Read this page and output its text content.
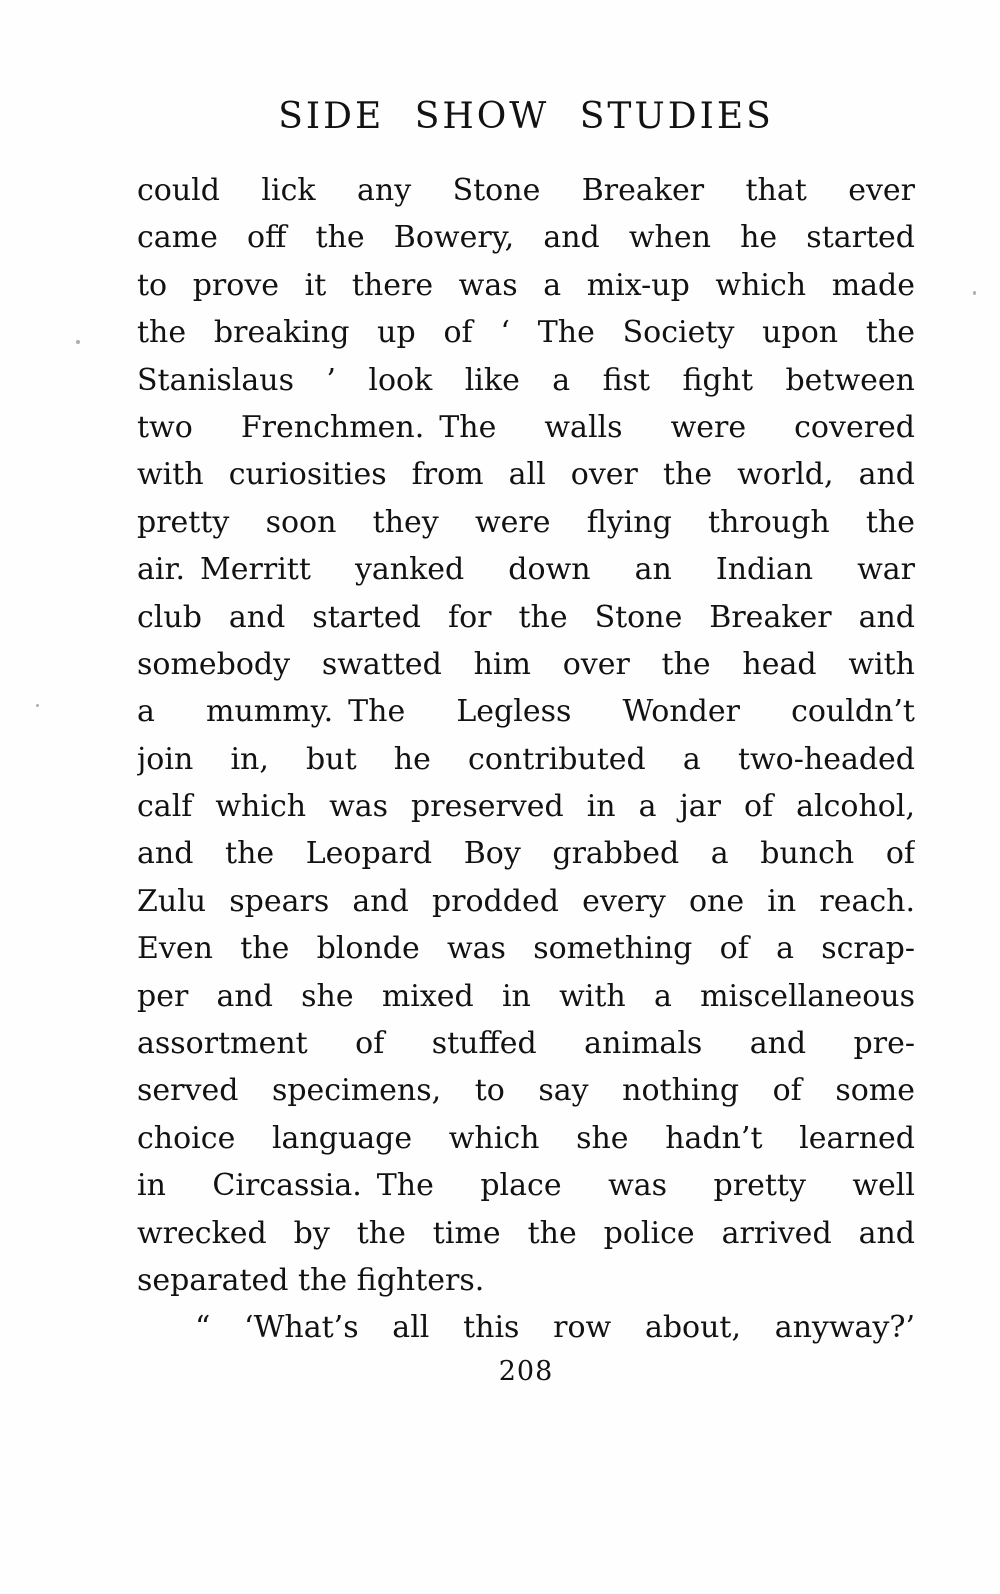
SIDE SHOW STUDIES
could lick any Stone Breaker that ever
came off the Bowery, and when he started
to prove it there was a mix-up which made
the breaking up of ‘ The Society upon the
Stanislaus ’ look like a fist fight between
two Frenchmen. The walls were covered
with curiosities from all over the world, and
pretty soon they were flying through the
air. Merritt yanked down an Indian war
club and started for the Stone Breaker and
somebody swatted him over the head with
a mummy. The Legless Wonder couldn’t
join in, but he contributed a two-headed
calf which was preserved in a jar of alcohol,
and the Leopard Boy grabbed a bunch of
Zulu spears and prodded every one in reach.
Even the blonde was something of a scrap-
per and she mixed in with a miscellaneous
assortment of stuffed animals and pre-
served specimens, to say nothing of some
choice language which she hadn’t learned
in Circassia. The place was pretty well
wrecked by the time the police arrived and
separated the fighters.
“ ‘What’s all this row about, anyway?’
208
